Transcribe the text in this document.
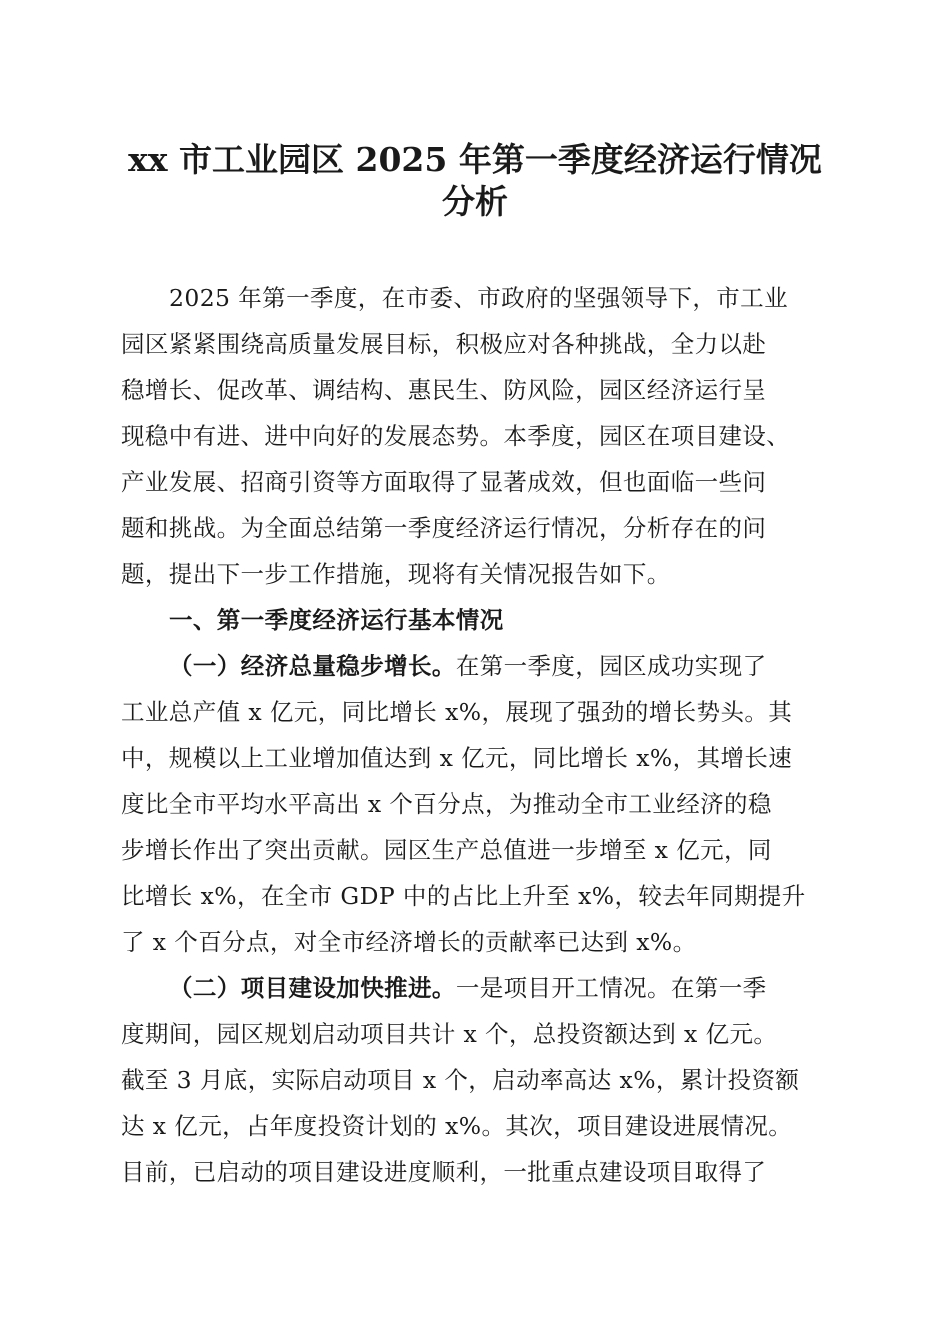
xx 市工业园区 2025 年第一季度经济运行情况
分析
2025 年第一季度，在市委、市政府的坚强领导下，市工业
园区紧紧围绕高质量发展目标，积极应对各种挑战，全力以赴
稳增长、促改革、调结构、惠民生、防风险，园区经济运行呈
现稳中有进、进中向好的发展态势。本季度，园区在项目建设、
产业发展、招商引资等方面取得了显著成效，但也面临一些问
题和挑战。为全面总结第一季度经济运行情况，分析存在的问
题，提出下一步工作措施，现将有关情况报告如下。
一、第一季度经济运行基本情况
（一）经济总量稳步增长。在第一季度，园区成功实现了
工业总产值 x 亿元，同比增长 x%，展现了强劲的增长势头。其
中，规模以上工业增加值达到 x 亿元，同比增长 x%，其增长速
度比全市平均水平高出 x 个百分点，为推动全市工业经济的稳
步增长作出了突出贡献。园区生产总值进一步增至 x 亿元，同
比增长 x%，在全市 GDP 中的占比上升至 x%，较去年同期提升
了 x 个百分点，对全市经济增长的贡献率已达到 x%。
（二）项目建设加快推进。一是项目开工情况。在第一季
度期间，园区规划启动项目共计 x 个，总投资额达到 x 亿元。
截至 3 月底，实际启动项目 x 个，启动率高达 x%，累计投资额
达 x 亿元，占年度投资计划的 x%。其次，项目建设进展情况。
目前，已启动的项目建设进度顺利，一批重点建设项目取得了
